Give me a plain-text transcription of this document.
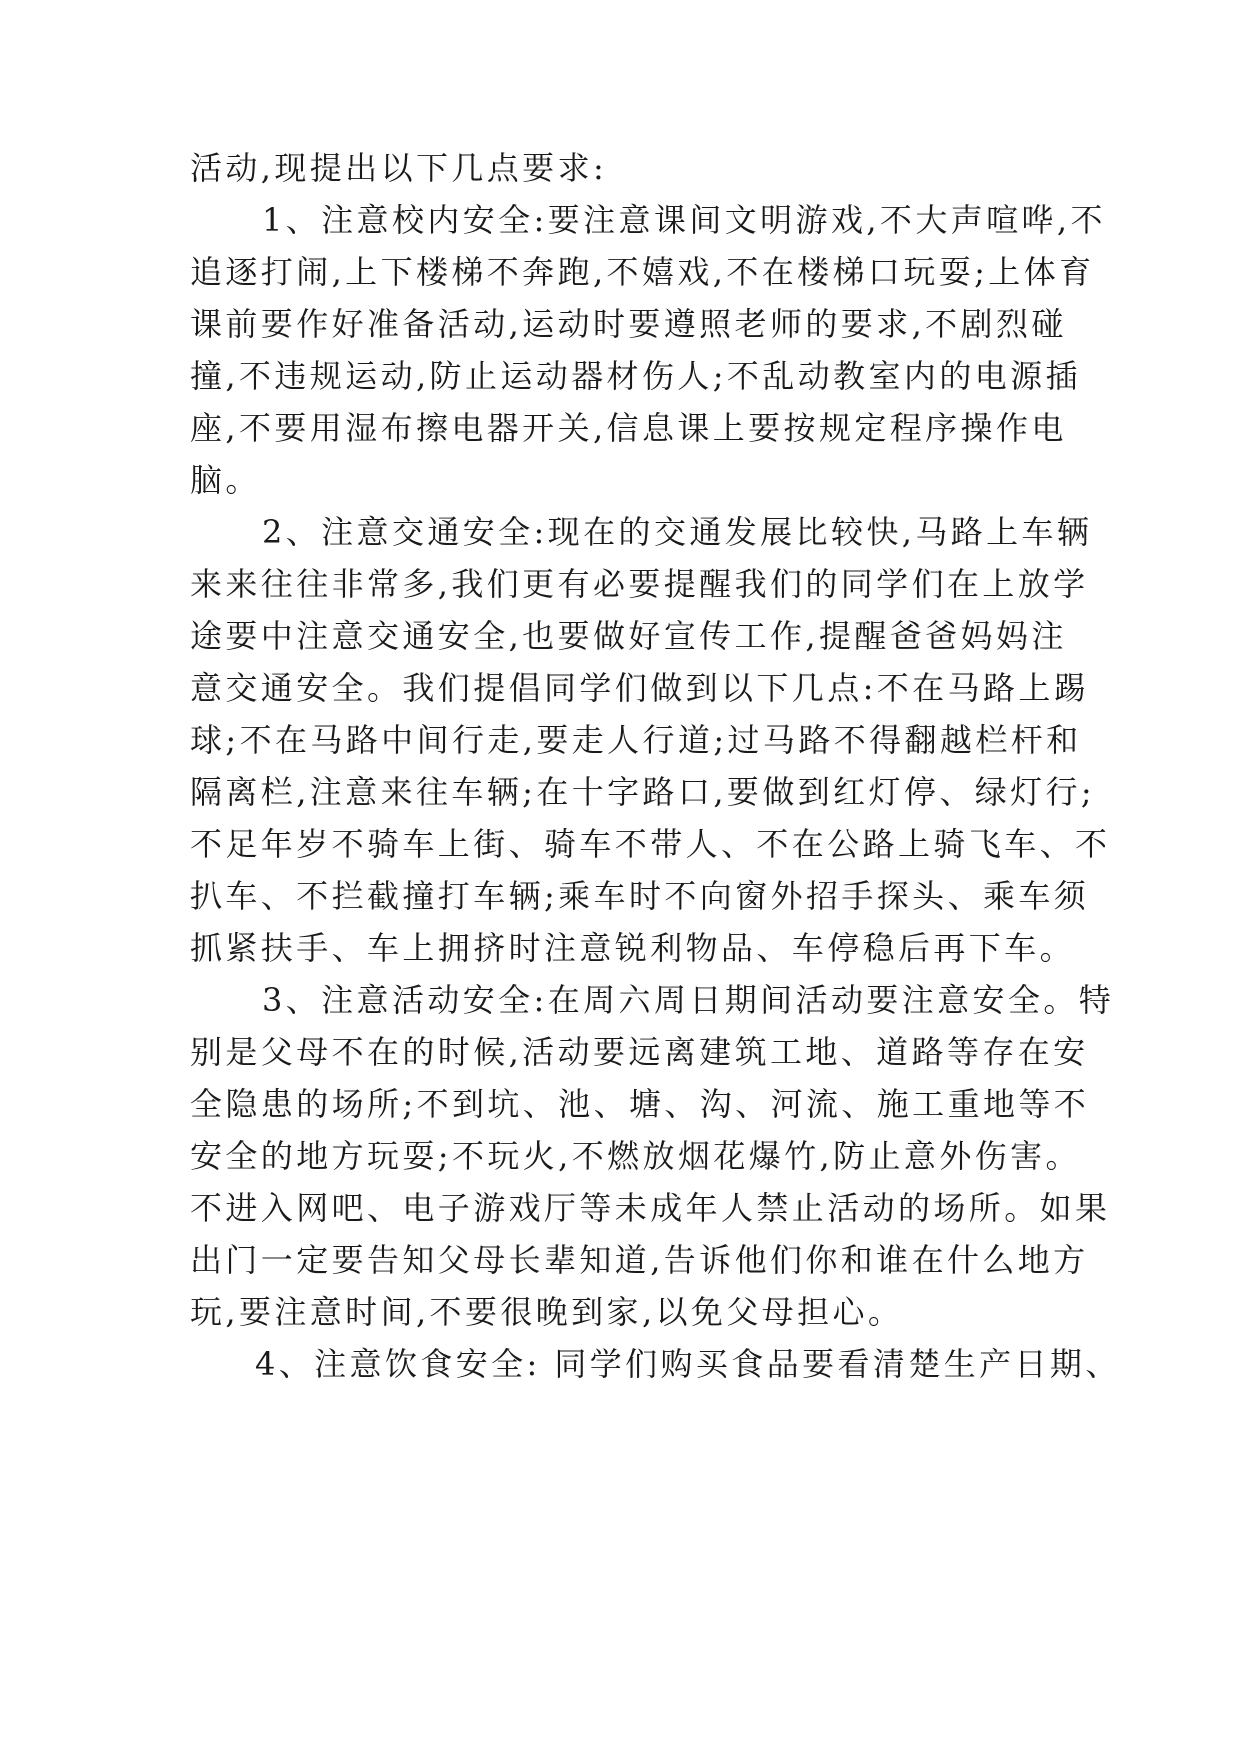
活动,现提出以下几点要求:
1、注意校内安全:要注意课间文明游戏,不大声喧哗,不
追逐打闹,上下楼梯不奔跑,不嬉戏,不在楼梯口玩耍;上体育
课前要作好准备活动,运动时要遵照老师的要求,不剧烈碰
撞,不违规运动,防止运动器材伤人;不乱动教室内的电源插
座,不要用湿布擦电器开关,信息课上要按规定程序操作电
脑。
2、注意交通安全:现在的交通发展比较快,马路上车辆
来来往往非常多,我们更有必要提醒我们的同学们在上放学
途要中注意交通安全,也要做好宣传工作,提醒爸爸妈妈注
意交通安全。我们提倡同学们做到以下几点:不在马路上踢
球;不在马路中间行走,要走人行道;过马路不得翻越栏杆和
隔离栏,注意来往车辆;在十字路口,要做到红灯停、绿灯行;
不足年岁不骑车上街、骑车不带人、不在公路上骑飞车、不
扒车、不拦截撞打车辆;乘车时不向窗外招手探头、乘车须
抓紧扶手、车上拥挤时注意锐利物品、车停稳后再下车。
3、注意活动安全:在周六周日期间活动要注意安全。特
别是父母不在的时候,活动要远离建筑工地、道路等存在安
全隐患的场所;不到坑、池、塘、沟、河流、施工重地等不
安全的地方玩耍;不玩火,不燃放烟花爆竹,防止意外伤害。
不进入网吧、电子游戏厅等未成年人禁止活动的场所。如果
出门一定要告知父母长辈知道,告诉他们你和谁在什么地方
玩,要注意时间,不要很晚到家,以免父母担心。
4、注意饮食安全: 同学们购买食品要看清楚生产日期、
